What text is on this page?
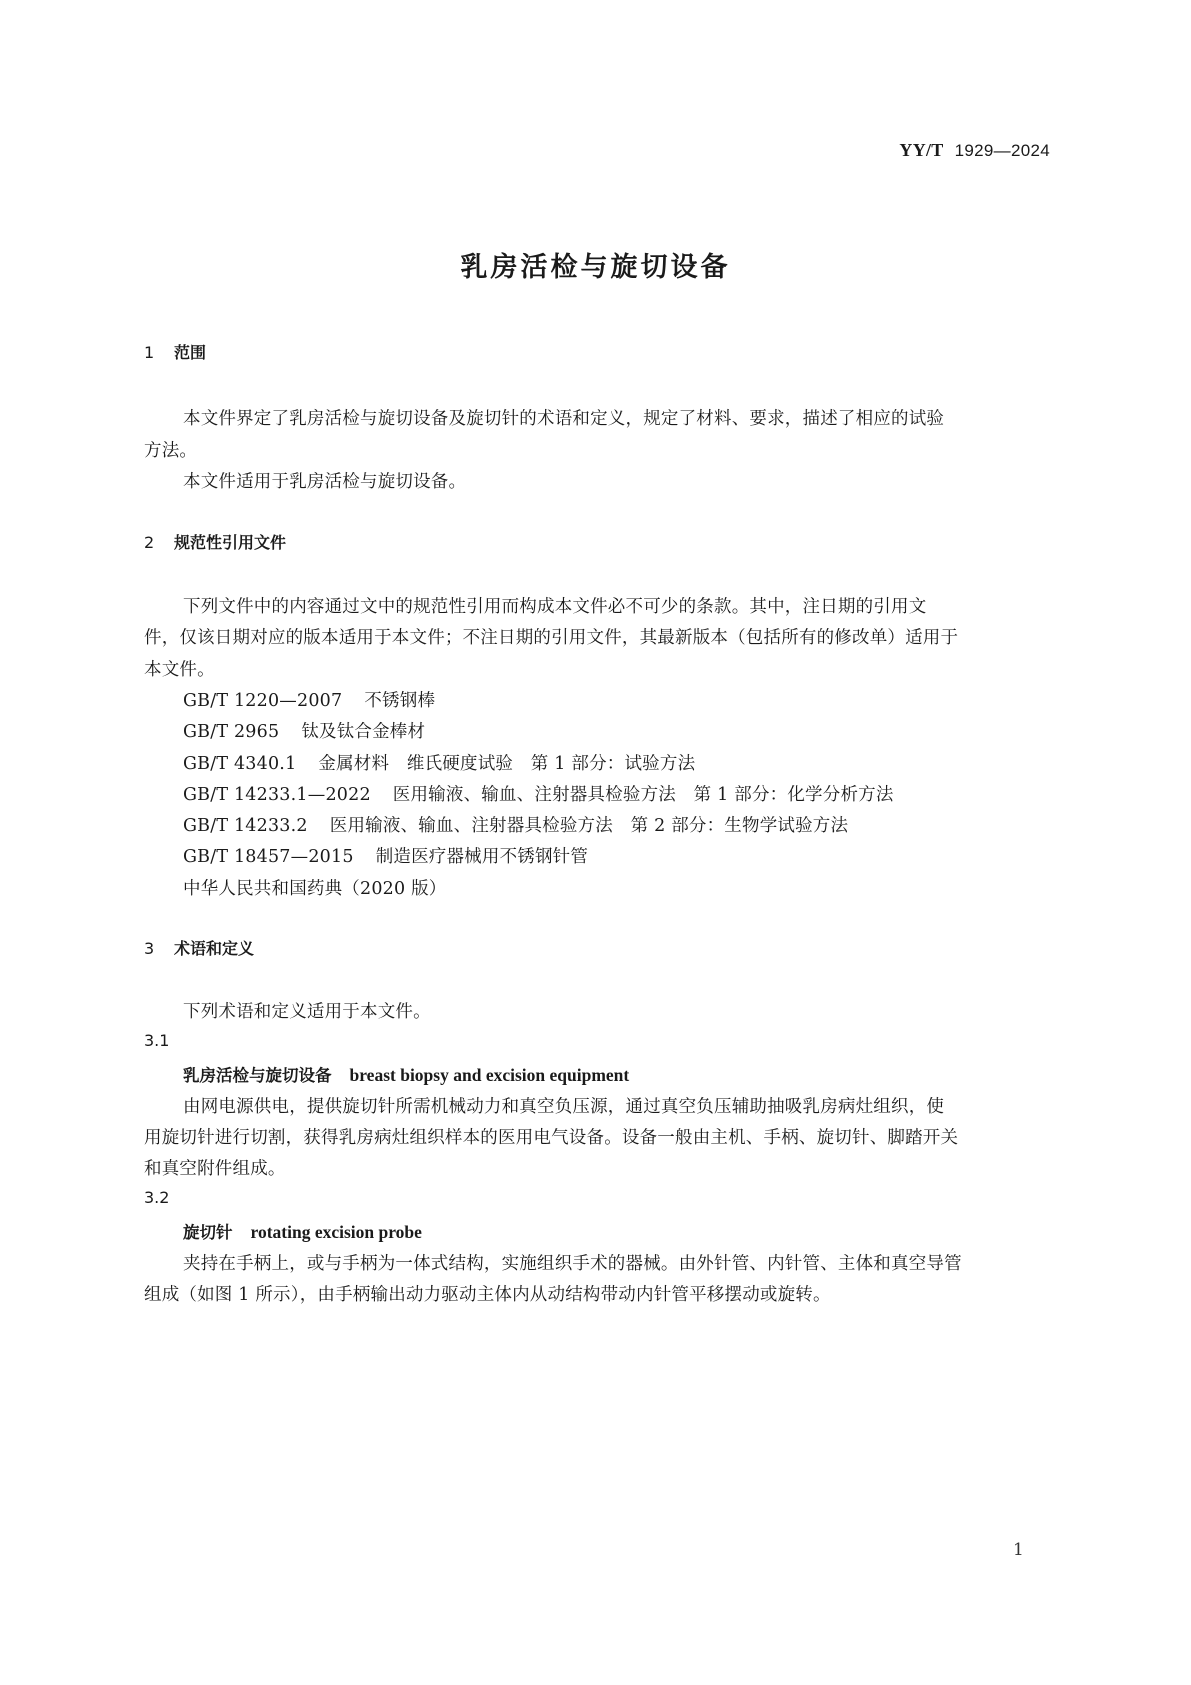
YY/T 1929—2024
乳房活检与旋切设备
1 范围
本文件界定了乳房活检与旋切设备及旋切针的术语和定义，规定了材料、要求，描述了相应的试验
方法。
本文件适用于乳房活检与旋切设备。
2 规范性引用文件
下列文件中的内容通过文中的规范性引用而构成本文件必不可少的条款。其中，注日期的引用文
件，仅该日期对应的版本适用于本文件；不注日期的引用文件，其最新版本（包括所有的修改单）适用于
本文件。
GB/T 1220—2007 不锈钢棒
GB/T 2965 钛及钛合金棒材
GB/T 4340.1 金属材料　维氏硬度试验　第 1 部分：试验方法
GB/T 14233.1—2022 医用输液、输血、注射器具检验方法　第 1 部分：化学分析方法
GB/T 14233.2 医用输液、输血、注射器具检验方法　第 2 部分：生物学试验方法
GB/T 18457—2015 制造医疗器械用不锈钢针管
中华人民共和国药典（2020 版）
3 术语和定义
下列术语和定义适用于本文件。
3.1
乳房活检与旋切设备 breast biopsy and excision equipment
由网电源供电，提供旋切针所需机械动力和真空负压源，通过真空负压辅助抽吸乳房病灶组织，使
用旋切针进行切割，获得乳房病灶组织样本的医用电气设备。设备一般由主机、手柄、旋切针、脚踏开关
和真空附件组成。
3.2
旋切针 rotating excision probe
夹持在手柄上，或与手柄为一体式结构，实施组织手术的器械。由外针管、内针管、主体和真空导管
组成（如图 1 所示），由手柄输出动力驱动主体内从动结构带动内针管平移摆动或旋转。
1
